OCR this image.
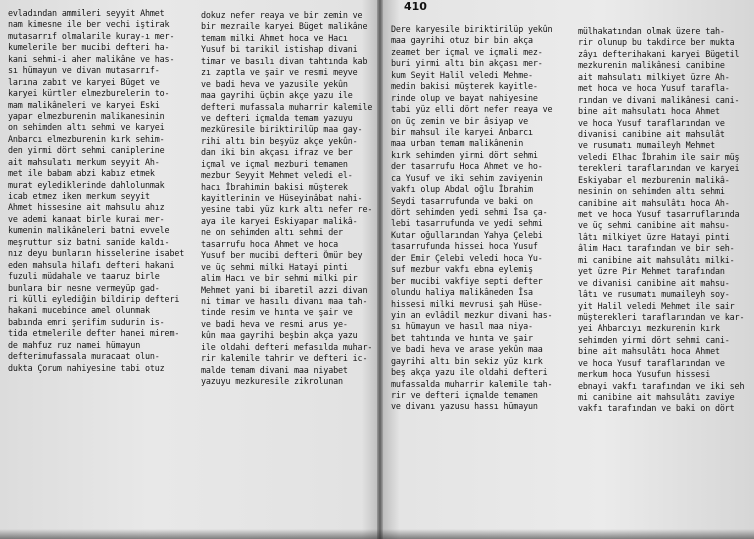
410
evladından ammileri seyyit Ahmet
nam kimesne ile ber vechi iştirak
mutasarrıf olmalarile kuray-ı mer-
kumelerile ber mucibi defteri ha-
kani sehmi-i aher malikâne ve has-
sı hümayun ve divan mutasarrıf-
larına zabıt ve karyei Büget ve
karyei kürtler elmezburelerin to-
mam malikâneleri ve karyei Eski
yapar elmezburenin malikanesinin
on sehimden altı sehmi ve karyei
Anbarcı elmezburenin kırk sehim-
den yirmi dört sehmi caniplerine
ait mahsulatı merkum seyyit Ah-
met ile babam abzi kabız etmek
murat eylediklerinde dahlolunmak
icab etmez iken merkum seyyit
Ahmet hissesine ait mahsulu ahız
ve ademi kanaat birle kurai mer-
kumenin malikâneleri batni evvele
meşruttur siz batni sanide kaldı-
nız deyu bunların hisselerine isabet
eden mahsula hilafı defteri hakani
fuzuli müdahale ve taaruz birle
bunlara bir nesne vermeyüp gad-
ri külli eylediğin bildirip defteri
hakani mucebince amel olunmak
babında emri şerifim sudurin is-
tida etmelerile defter hanei mirem-
de mahfuz ruz namei hümayun
defterimufassala muracaat olun-
dukta Çorum nahiyesine tabi otuz
dokuz nefer reaya ve bir zemin ve
bir mezraile karyei Büget malikâne
temam milki Ahmet hoca ve Hacı
Yusuf bi tarikil istishap divani
timar ve basılı divan tahtında kab
zı zaptla ve şair ve resmi meyve
ve badi heva ve yazusile yekûn
maa gayrihi üçbin akçe yazu ile
defteri mufassala muharrir kalemile
ve defteri içmalda temam yazuyu
mezküresile biriktirilüp maa gay-
rihi altı bin beşyüz akçe yekûn-
dan iki bin akçası ifraz ve ber
içmal ve içmal mezburi temamen
mezbur Seyyit Mehmet veledi el-
hacı İbrahimin bakisi müşterek
kayitlerinin ve Hüseyinâbat nahi-
yesine tabi yüz kırk altı nefer re-
aya ile karyei Eskiyapar malikâ-
ne on sehimden altı sehmi der
tasarrufu hoca Ahmet ve hoca
Yusuf ber mucibi defteri Ömür bey
ve üç sehmi milki Hatayi pinti
alim Hacı ve bir sehmi milki pir
Mehmet yani bi ibaretil azzi divan
ni timar ve hasılı divanı maa tah-
tinde resim ve hınta ve şair ve
ve badi heva ve resmi arus ye-
kûn maa gayrihi beşbin akça yazu
ile oldahi defteri mefasılda muhar-
rir kalemile tahrir ve defteri ic-
malde temam divani maa niyabet
yazuyu mezkuresile zikrolunan
Dere karyesile biriktirilüp yekûn
maa gayrihi otuz bir bin akça
zeamet ber içmal ve içmali mez-
buri yirmi altı bin akçası mer-
kum Seyit Halil veledi Mehme-
medin bakisi müşterek kayitle-
rinde olup ve bayat nahiyesine
tabi yüz elli dört nefer reaya ve
on üç zemin ve bir âsiyap ve
bir mahsul ile karyei Anbarcı
maa urban temam malikânenin
kırk sehimden yirmi dört sehmi
der tasarrufu Hoca Ahmet ve ho-
ca Yusuf ve iki sehim zaviyenin
vakfı olup Abdal oğlu İbrahim
Seydi tasarrufunda ve baki on
dört sehimden yedi sehmi İsa ça-
lebi tasarrufunda ve yedi sehmi
Kutar oğullarından Yahya Çelebi
tasarrufunda hissei hoca Yusuf
der Emir Çelebi veledi hoca Yu-
suf mezbur vakfı ebna eylemiş
ber mucibi vakfiye septi defter
olundu haliya malikâneden İsa
hissesi milki mevrusi şah Hüse-
yin an evlâdil mezkur divani has-
sı hümayun ve hasıl maa niya-
bet tahtında ve hınta ve şair
ve badi heva ve arase yekûn maa
gayrihi altı bin sekiz yüz kırk
beş akça yazu ile oldahi defteri
mufassalda muharrir kalemile tah-
rir ve defteri içmalde temamen
ve divanı yazusu hassı hümayun
mülhakatından olmak üzere tah-
rir olunup bu takdirce ber mukta
zâyı defterihakani karyei Bügetil
mezkurenin malikânesi canibine
ait mahsulatı milkiyet üzre Ah-
met hoca ve hoca Yusuf tarafla-
rından ve divani malikânesi cani-
bine ait mahsulatı hoca Ahmet
ve hoca Yusuf taraflarından ve
divanisi canibine ait mahsulât
ve rusumatı mumaileyh Mehmet
veledi Elhac İbrahim ile sair müş
terekleri taraflarından ve karyei
Eskiyabar el mezburenin malikâ-
nesinin on sehimden altı sehmi
canibine ait mahsulâtı hoca Ah-
met ve hoca Yusuf tasarruflarında
ve üç sehmi canibine ait mahsu-
lâtı milkiyet üzre Hatayi pinti
âlim Hacı tarafından ve bir seh-
mi canibine ait mahsulâtı milki-
yet üzre Pir Mehmet tarafından
ve divanisi canibine ait mahsu-
lâtı ve rusumatı mumaileyh soy-
yit Halil veledi Mehmet ile sair
müşterekleri taraflarından ve kar-
yei Ahbarcıyı mezkurenin kırk
sehimden yirmi dört sehmi cani-
bine ait mahsulâtı hoca Ahmet
ve hoca Yusuf taraflarından ve
merkum hoca Yusufun hissesi
ebnayi vakfı tarafından ve iki seh
mi canibine ait mahsulâtı zaviye
vakfı tarafından ve baki on dört
